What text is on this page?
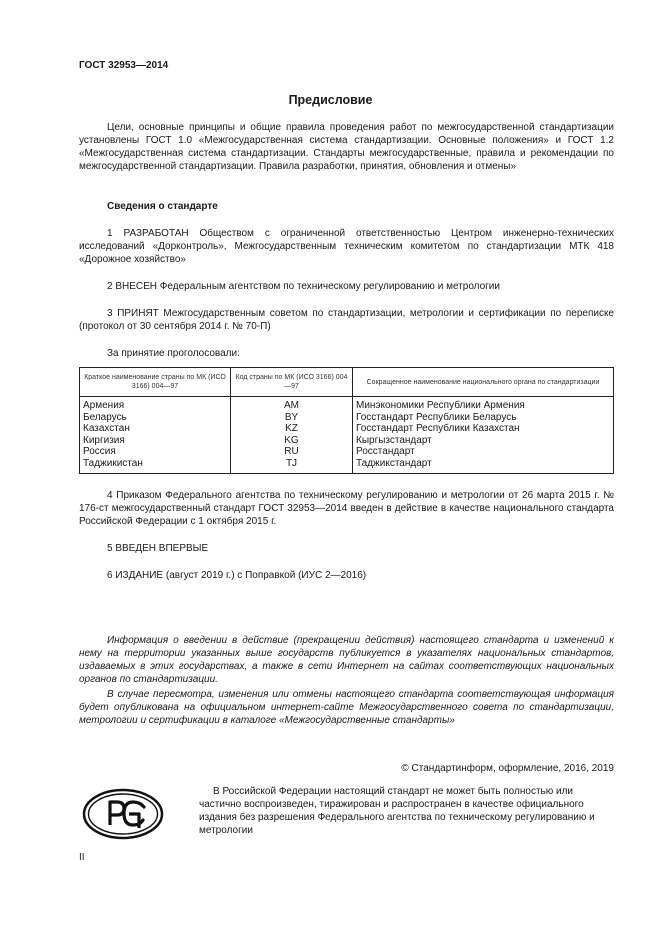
ГОСТ 32953—2014
Предисловие

Цели, основные принципы и общие правила проведения работ по межгосударственной стандартизации установлены ГОСТ 1.0 «Межгосударственная система стандартизации. Основные положения» и ГОСТ 1.2 «Межгосударственная система стандартизации. Стандарты межгосударственные, правила и рекомендации по межгосударственной стандартизации. Правила разработки, принятия, обновления и отмены»

Сведения о стандарте

1 РАЗРАБОТАН Обществом с ограниченной ответственностью Центром инженерно-технических исследований «Дорконтроль», Межгосударственным техническим комитетом по стандартизации МТК 418 «Дорожное хозяйство»

2 ВНЕСЕН Федеральным агентством по техническому регулированию и метрологии

3 ПРИНЯТ Межгосударственным советом по стандартизации, метрологии и сертификации по переписке (протокол от 30 сентября 2014 г. № 70-П)

За принятие проголосовали:
Краткое наименование страны по МК (ИСО 3166) 004—97	Код страны по МК (ИСО 3166) 004—97	Сокращенное наименование национального органа по стандартизации
Армения	AM	Минэкономики Республики Армения
Беларусь	BY	Госстандарт Республики Беларусь
Казахстан	KZ	Госстандарт Республики Казахстан
Киргизия	KG	Кыргызстандарт
Россия	RU	Росстандарт
Таджикистан	TJ	Таджикстандарт

4 Приказом Федерального агентства по техническому регулированию и метрологии от 26 марта 2015 г. № 176-ст межгосударственный стандарт ГОСТ 32953—2014 введен в действие в качестве национального стандарта Российской Федерации с 1 октября 2015 г.

5 ВВЕДЕН ВПЕРВЫЕ

6 ИЗДАНИЕ (август 2019 г.) с Поправкой (ИУС 2—2016)

Информация о введении в действие (прекращении действия) настоящего стандарта и изменений к нему на территории указанных выше государств публикуется в указателях национальных стандартов, издаваемых в этих государствах, а также в сети Интернет на сайтах соответствующих национальных органов по стандартизации.

В случае пересмотра, изменения или отмены настоящего стандарта соответствующая информация будет опубликована на официальном интернет-сайте Межгосударственного совета по стандартизации, метрологии и сертификации в каталоге «Межгосударственные стандарты»

© Стандартинформ, оформление, 2016, 2019

В Российской Федерации настоящий стандарт не может быть полностью или частично воспроизведен, тиражирован и распространен в качестве официального издания без разрешения Федерального агентства по техническому регулированию и метрологии

II
